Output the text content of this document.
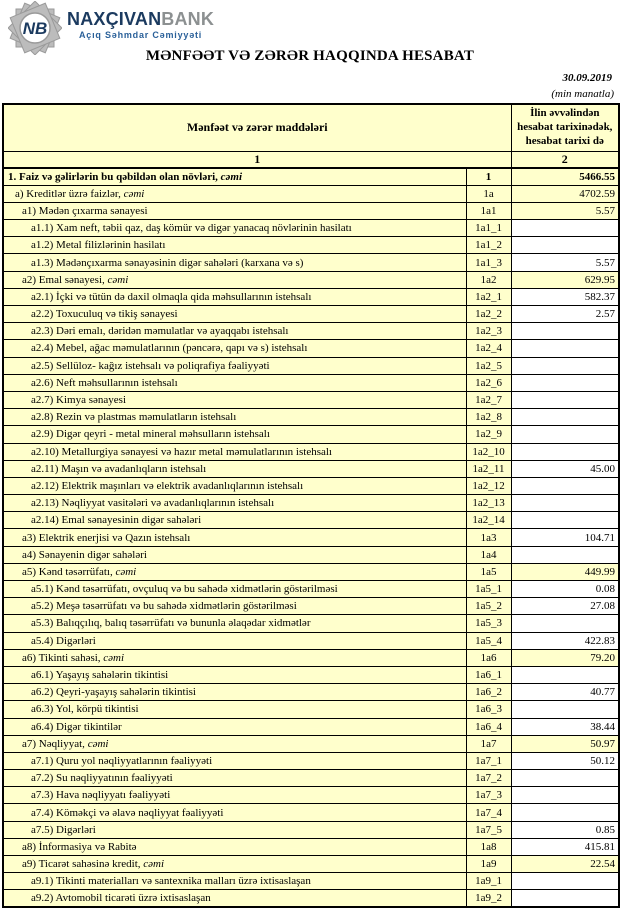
NB NAXÇIVANBANK
Açıq Səhmdar Cəmiyyəti
MƏNFƏƏT VƏ ZƏRƏR HAQQINDA HESABAT
30.09.2019
(min manatla)
Mənfəət və zərər maddələri		İlin əvvəlindən hesabat tarixinədək, hesabat tarixi də
1		2
1. Faiz və gəlirlərin bu qəbildən olan növləri, cəmi	1	5466.55
a) Kreditlər üzrə faizlər, cəmi	1a	4702.59
a1) Mədən çıxarma sənayesi	1a1	5.57
a1.1) Xam neft, təbii qaz, daş kömür və digər yanacaq növlərinin hasilatı	1a1_1	
a1.2) Metal filizlərinin hasilatı	1a1_2	
a1.3) Mədənçıxarma sənayəsinin digər sahələri (karxana və s)	1a1_3	5.57
a2) Emal sənayesi, cəmi	1a2	629.95
a2.1) İçki və tütün də daxil olmaqla qida məhsullarının istehsalı	1a2_1	582.37
a2.2) Toxuculuq və tikiş sənayesi	1a2_2	2.57
a2.3) Dəri emalı, dəridən məmulatlar və ayaqqabı istehsalı	1a2_3	
a2.4) Mebel, ağac məmulatlarının (pəncərə, qapı və s) istehsalı	1a2_4	
a2.5) Sellüloz- kağız istehsalı və poliqrafiya fəaliyyəti	1a2_5	
a2.6) Neft məhsullarının istehsalı	1a2_6	
a2.7) Kimya sənayesi	1a2_7	
a2.8) Rezin və plastmas məmulatların istehsalı	1a2_8	
a2.9) Digər qeyri - metal mineral məhsulların istehsalı	1a2_9	
a2.10) Metallurgiya sənayesi və hazır metal məmulatlarının istehsalı	1a2_10	
a2.11) Maşın və avadanlıqların istehsalı	1a2_11	45.00
a2.12) Elektrik maşınları və elektrik avadanlıqlarının istehsalı	1a2_12	
a2.13) Nəqliyyat vasitələri və avadanlıqlarının istehsalı	1a2_13	
a2.14) Emal sənayesinin digər sahələri	1a2_14	
a3) Elektrik enerjisi və Qazın istehsalı	1a3	104.71
a4) Sənayenin digər sahələri	1a4	
a5) Kənd təsərrüfatı, cəmi	1a5	449.99
a5.1) Kənd təsərrüfatı, ovçuluq və bu sahədə xidmətlərin göstərilməsi	1a5_1	0.08
a5.2) Meşə təsərrüfatı və bu sahədə xidmətlərin göstərilməsi	1a5_2	27.08
a5.3) Balıqçılıq, balıq təsərrüfatı və bununla əlaqədar xidmətlər	1a5_3	
a5.4) Digərləri	1a5_4	422.83
a6) Tikinti sahəsi, cəmi	1a6	79.20
a6.1) Yaşayış sahələrin tikintisi	1a6_1	
a6.2) Qeyri-yaşayış sahələrin tikintisi	1a6_2	40.77
a6.3) Yol, körpü tikintisi	1a6_3	
a6.4) Digər tikintilər	1a6_4	38.44
a7) Nəqliyyat, cəmi	1a7	50.97
a7.1) Quru yol nəqliyyatlarının fəaliyyəti	1a7_1	50.12
a7.2) Su nəqliyyatının fəaliyyəti	1a7_2	
a7.3) Hava nəqliyyatı fəaliyyəti	1a7_3	
a7.4) Köməkçi və əlavə nəqliyyat fəaliyyəti	1a7_4	
a7.5) Digərləri	1a7_5	0.85
a8) İnformasiya və Rabitə	1a8	415.81
a9) Ticarət sahəsinə kredit, cəmi	1a9	22.54
a9.1) Tikinti materialları və santexnika malları üzrə ixtisaslaşan	1a9_1	
a9.2) Avtomobil ticarəti üzrə ixtisaslaşan	1a9_2	
